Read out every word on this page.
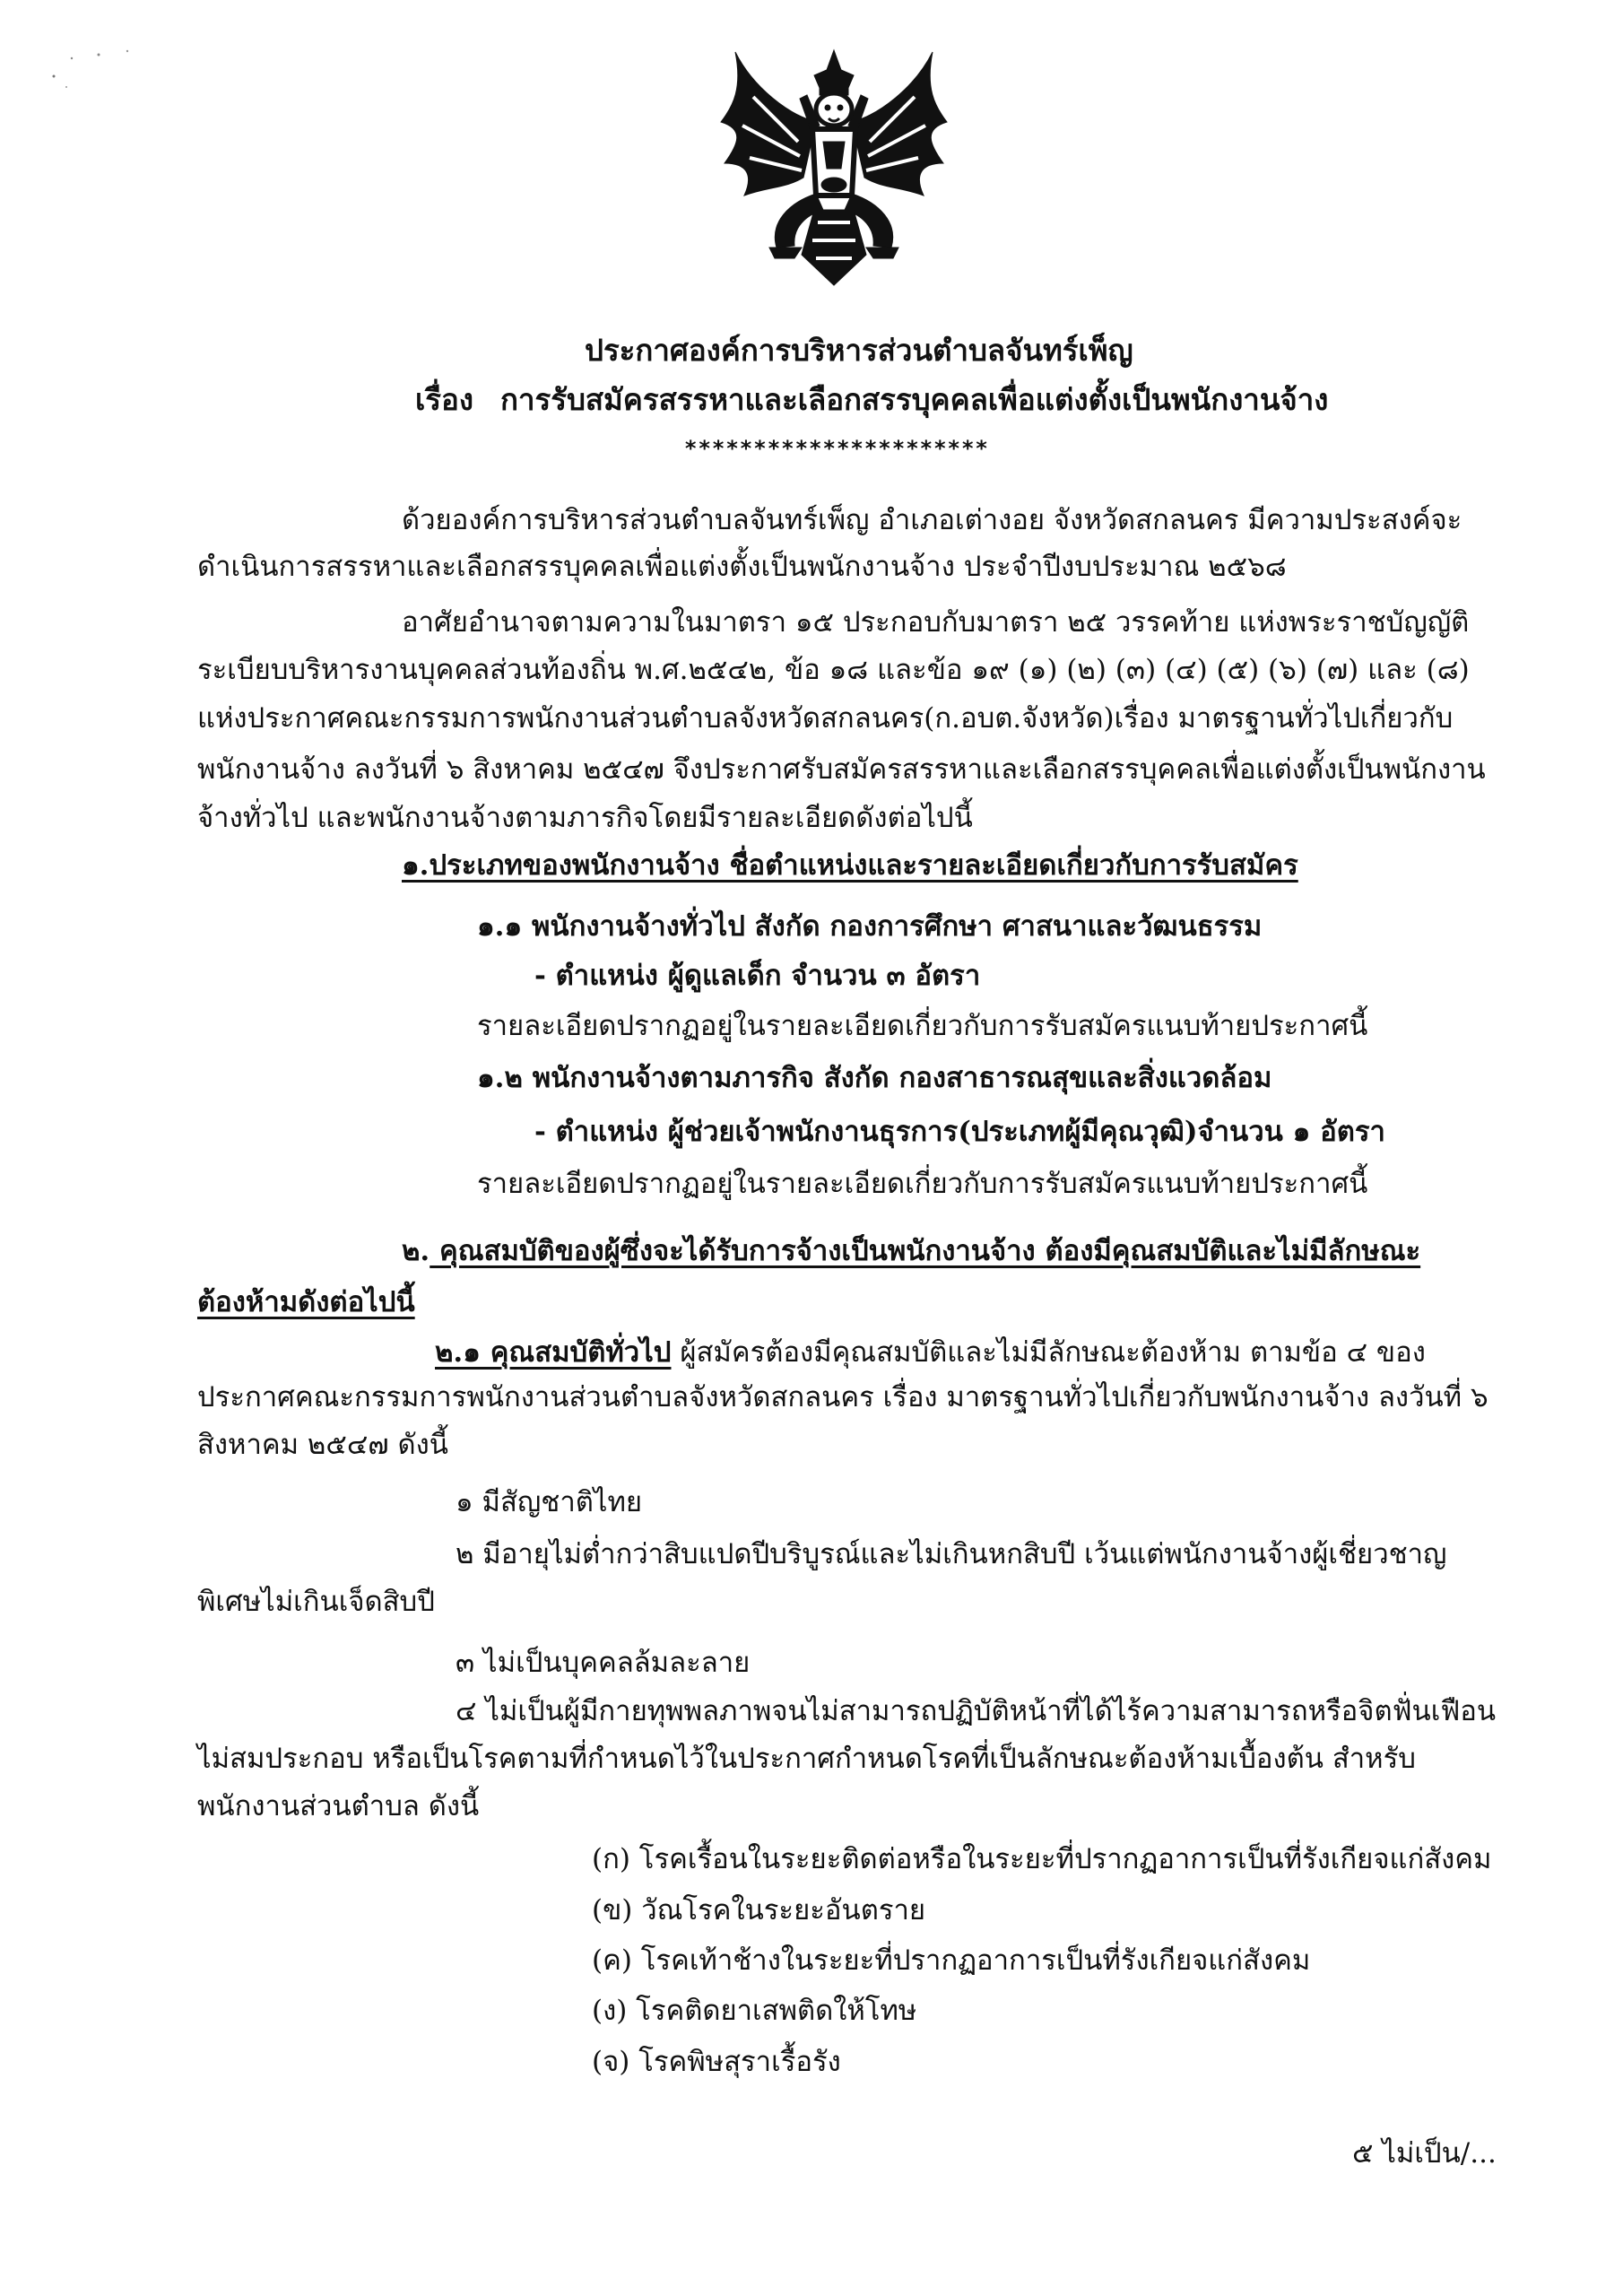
ประกาศองค์การบริหารส่วนตำบลจันทร์เพ็ญ
เรื่อง การรับสมัครสรรหาและเลือกสรรบุคคลเพื่อแต่งตั้งเป็นพนักงานจ้าง
**********************
ด้วยองค์การบริหารส่วนตำบลจันทร์เพ็ญ อำเภอเต่างอย จังหวัดสกลนคร มีความประสงค์จะ
ดำเนินการสรรหาและเลือกสรรบุคคลเพื่อแต่งตั้งเป็นพนักงานจ้าง ประจำปีงบประมาณ ๒๕๖๘
อาศัยอำนาจตามความในมาตรา ๑๕ ประกอบกับมาตรา ๒๕ วรรคท้าย แห่งพระราชบัญญัติ
ระเบียบบริหารงานบุคคลส่วนท้องถิ่น พ.ศ.๒๕๔๒, ข้อ ๑๘ และข้อ ๑๙ (๑) (๒) (๓) (๔) (๕) (๖) (๗) และ (๘)
แห่งประกาศคณะกรรมการพนักงานส่วนตำบลจังหวัดสกลนคร(ก.อบต.จังหวัด)เรื่อง มาตรฐานทั่วไปเกี่ยวกับ
พนักงานจ้าง ลงวันที่ ๖ สิงหาคม ๒๕๔๗ จึงประกาศรับสมัครสรรหาและเลือกสรรบุคคลเพื่อแต่งตั้งเป็นพนักงาน
จ้างทั่วไป และพนักงานจ้างตามภารกิจโดยมีรายละเอียดดังต่อไปนี้
๑.ประเภทของพนักงานจ้าง ชื่อตำแหน่งและรายละเอียดเกี่ยวกับการรับสมัคร
๑.๑ พนักงานจ้างทั่วไป สังกัด กองการศึกษา ศาสนาและวัฒนธรรม
- ตำแหน่ง ผู้ดูแลเด็ก จำนวน ๓ อัตรา
รายละเอียดปรากฏอยู่ในรายละเอียดเกี่ยวกับการรับสมัครแนบท้ายประกาศนี้
๑.๒ พนักงานจ้างตามภารกิจ สังกัด กองสาธารณสุขและสิ่งแวดล้อม
- ตำแหน่ง ผู้ช่วยเจ้าพนักงานธุรการ(ประเภทผู้มีคุณวุฒิ)จำนวน ๑ อัตรา
รายละเอียดปรากฏอยู่ในรายละเอียดเกี่ยวกับการรับสมัครแนบท้ายประกาศนี้
๒. คุณสมบัติของผู้ซึ่งจะได้รับการจ้างเป็นพนักงานจ้าง ต้องมีคุณสมบัติและไม่มีลักษณะ
ต้องห้ามดังต่อไปนี้
๒.๑ คุณสมบัติทั่วไป ผู้สมัครต้องมีคุณสมบัติและไม่มีลักษณะต้องห้าม ตามข้อ ๔ ของ
ประกาศคณะกรรมการพนักงานส่วนตำบลจังหวัดสกลนคร เรื่อง มาตรฐานทั่วไปเกี่ยวกับพนักงานจ้าง ลงวันที่ ๖
สิงหาคม ๒๕๔๗ ดังนี้
๑ มีสัญชาติไทย
๒ มีอายุไม่ต่ำกว่าสิบแปดปีบริบูรณ์และไม่เกินหกสิบปี เว้นแต่พนักงานจ้างผู้เชี่ยวชาญ
พิเศษไม่เกินเจ็ดสิบปี
๓ ไม่เป็นบุคคลล้มละลาย
๔ ไม่เป็นผู้มีกายทุพพลภาพจนไม่สามารถปฏิบัติหน้าที่ได้ไร้ความสามารถหรือจิตฟั่นเฟือน
ไม่สมประกอบ หรือเป็นโรคตามที่กำหนดไว้ในประกาศกำหนดโรคที่เป็นลักษณะต้องห้ามเบื้องต้น สำหรับ
พนักงานส่วนตำบล ดังนี้
(ก) โรคเรื้อนในระยะติดต่อหรือในระยะที่ปรากฏอาการเป็นที่รังเกียจแก่สังคม
(ข) วัณโรคในระยะอันตราย
(ค) โรคเท้าช้างในระยะที่ปรากฏอาการเป็นที่รังเกียจแก่สังคม
(ง) โรคติดยาเสพติดให้โทษ
(จ) โรคพิษสุราเรื้อรัง
๕ ไม่เป็น/...
